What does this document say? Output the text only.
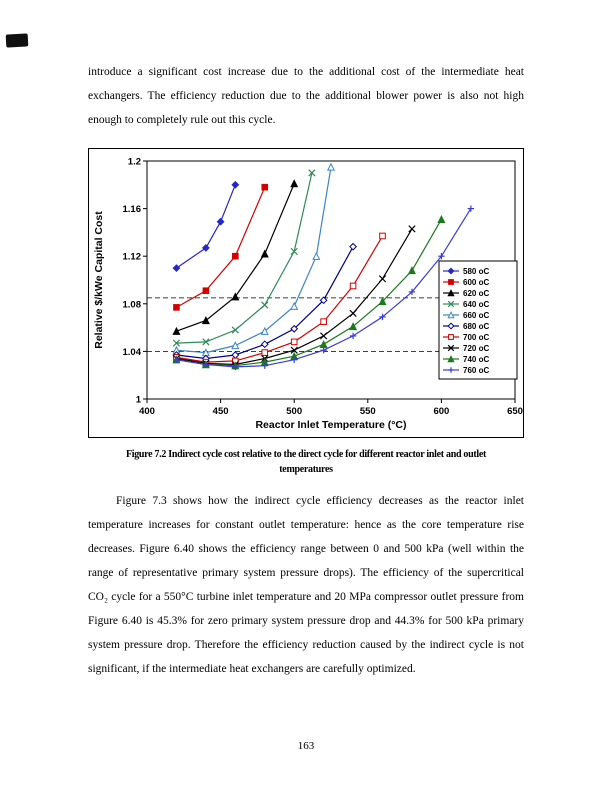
introduce a significant cost increase due to the additional cost of the intermediate heat exchangers. The efficiency reduction due to the additional blower power is also not high enough to completely rule out this cycle.

400	450	500	550	600	650
1
1.04
1.08
1.12
1.16
1.2
Reactor Inlet Temperature (°C)
Relative $/kWe Capital Cost	580 oC
600 oC
620 oC
640 oC
660 oC
680 oC
700 oC
720 oC
740 oC
760 oC
Figure 7.2 Indirect cycle cost relative to the direct cycle for different reactor inlet and outlet
temperatures

Figure 7.3 shows how the indirect cycle efficiency decreases as the reactor inlet temperature increases for constant outlet temperature: hence as the core temperature rise decreases. Figure 6.40 shows the efficiency range between 0 and 500 kPa (well within the range of representative primary system pressure drops). The efficiency of the supercritical CO₂ cycle for a 550°C turbine inlet temperature and 20 MPa compressor outlet pressure from Figure 6.40 is 45.3% for zero primary system pressure drop and 44.3% for 500 kPa primary system pressure drop. Therefore the efficiency reduction caused by the indirect cycle is not significant, if the intermediate heat exchangers are carefully optimized.

163
